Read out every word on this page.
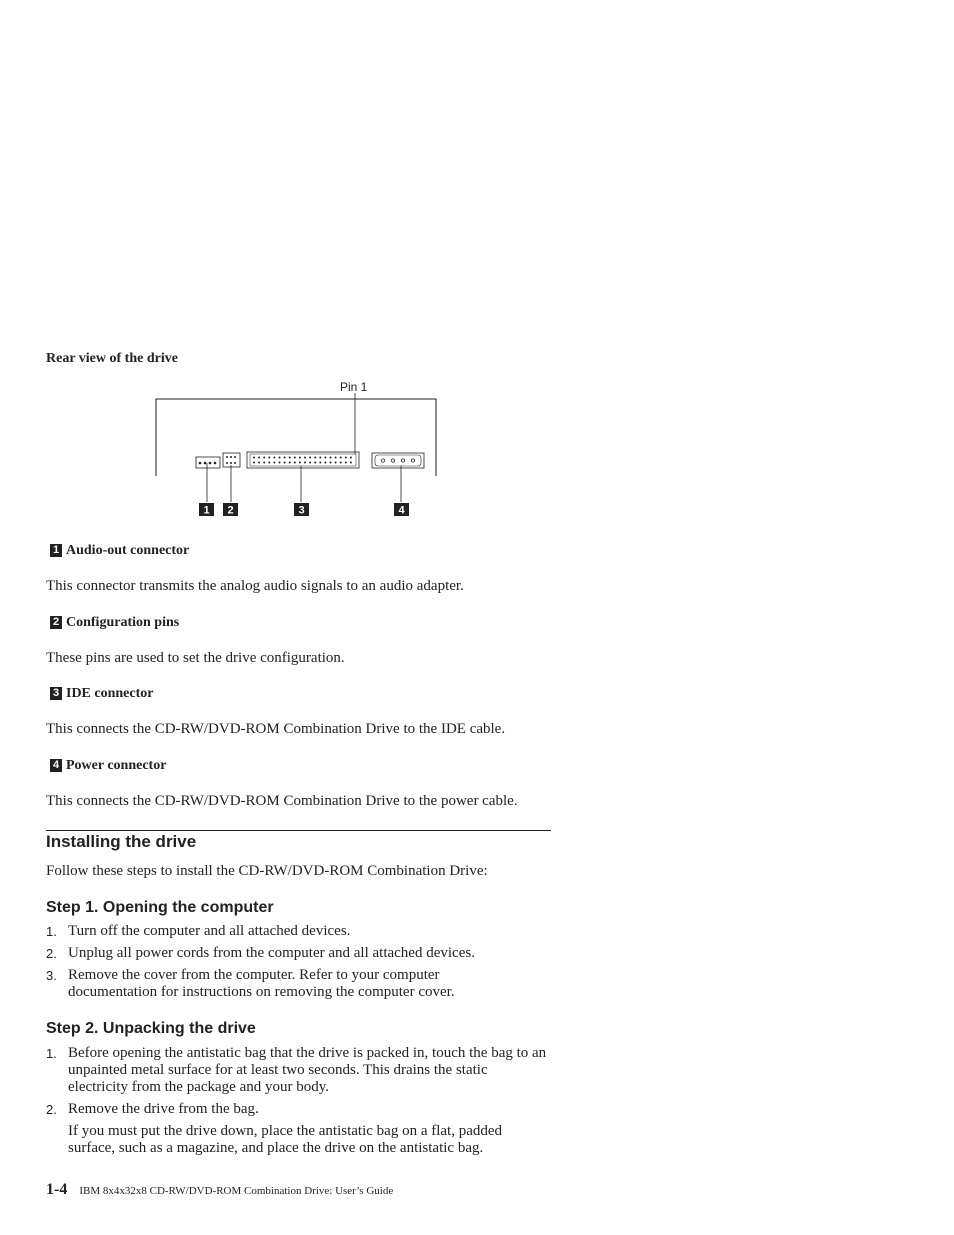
Rear view of the drive
Pin 1
1 2	3	4
1 Audio-out connector
This connector transmits the analog audio signals to an audio adapter.
2 Configuration pins
These pins are used to set the drive configuration.
3 IDE connector
This connects the CD-RW/DVD-ROM Combination Drive to the IDE cable.
4 Power connector
This connects the CD-RW/DVD-ROM Combination Drive to the power cable.
Installing the drive
Follow these steps to install the CD-RW/DVD-ROM Combination Drive:
Step 1. Opening the computer
1. Turn off the computer and all attached devices.
2. Unplug all power cords from the computer and all attached devices.
3. Remove the cover from the computer. Refer to your computer documentation for instructions on removing the computer cover.
Step 2. Unpacking the drive
1. Before opening the antistatic bag that the drive is packed in, touch the bag to an unpainted metal surface for at least two seconds. This drains the static electricity from the package and your body.
2. Remove the drive from the bag.
If you must put the drive down, place the antistatic bag on a flat, padded surface, such as a magazine, and place the drive on the antistatic bag.
1-4 IBM 8x4x32x8 CD-RW/DVD-ROM Combination Drive: User’s Guide
